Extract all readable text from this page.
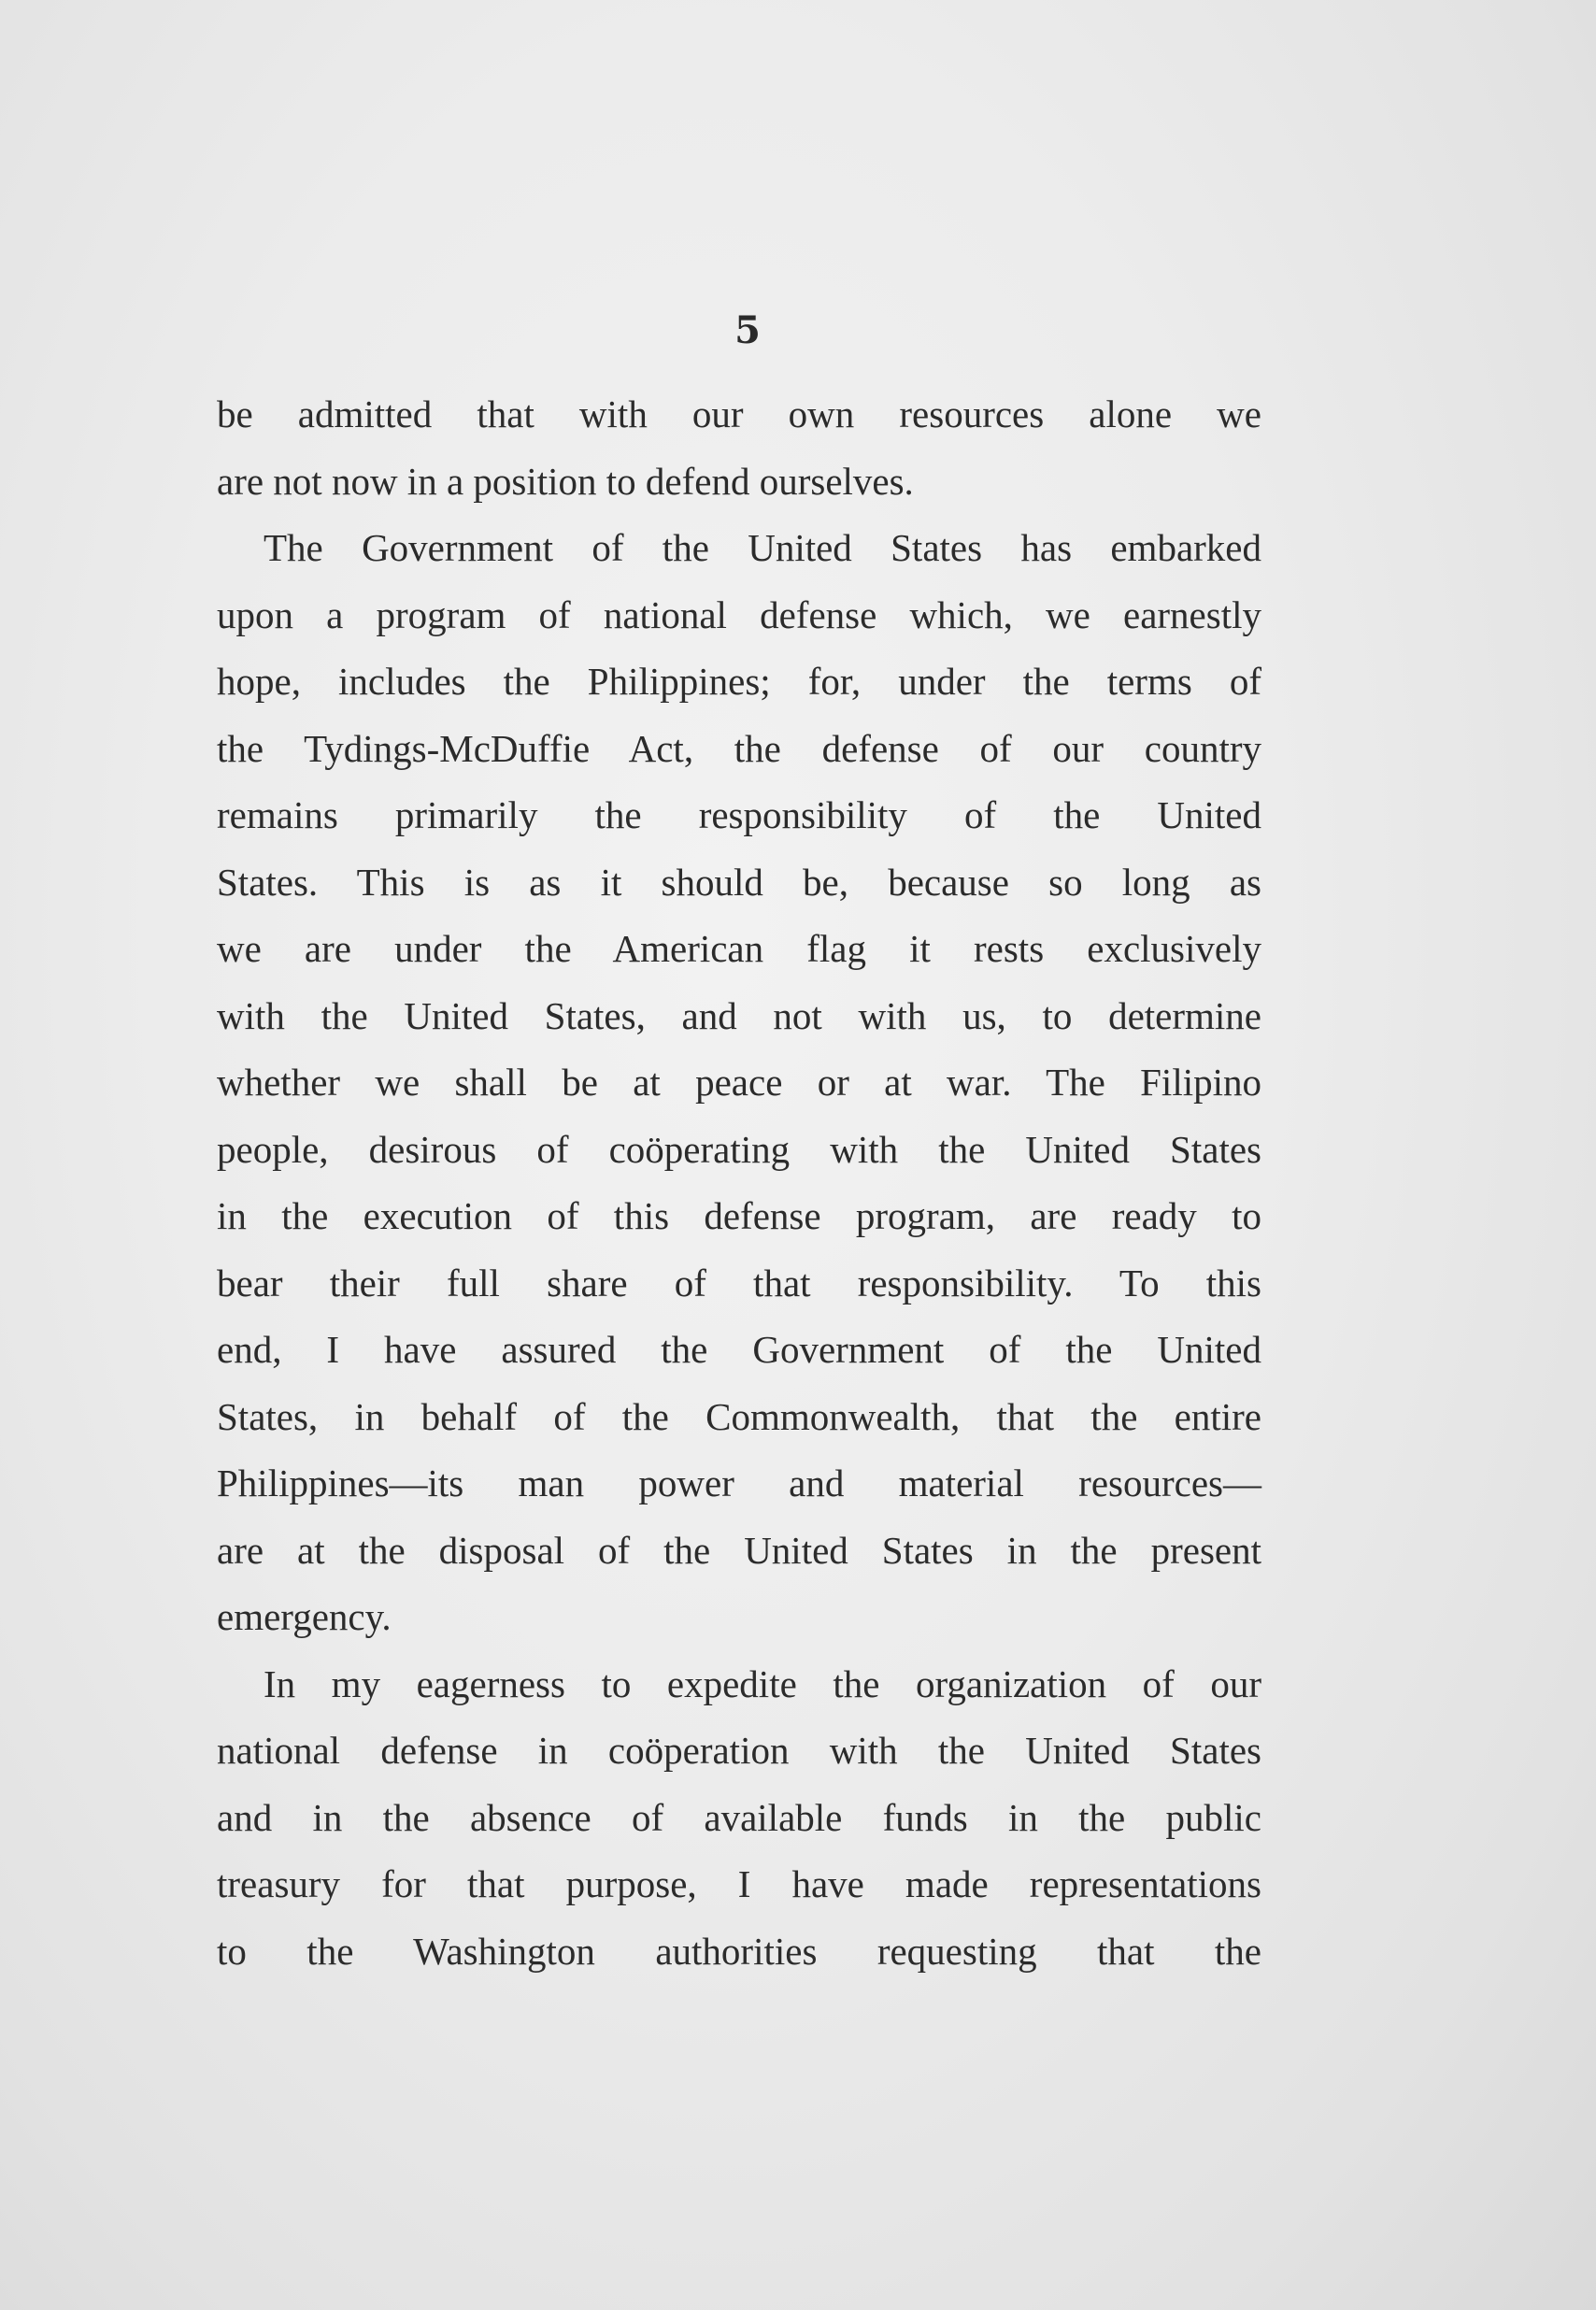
5
be admitted that with our own resources alone we
are not now in a position to defend ourselves.
The Government of the United States has embarked
upon a program of national defense which, we earnestly
hope, includes the Philippines; for, under the terms of
the Tydings-McDuffie Act, the defense of our country
remains primarily the responsibility of the United
States. This is as it should be, because so long as
we are under the American flag it rests exclusively
with the United States, and not with us, to determine
whether we shall be at peace or at war. The Filipino
people, desirous of coöperating with the United States
in the execution of this defense program, are ready to
bear their full share of that responsibility. To this
end, I have assured the Government of the United
States, in behalf of the Commonwealth, that the entire
Philippines—its man power and material resources—
are at the disposal of the United States in the present
emergency.
In my eagerness to expedite the organization of our
national defense in coöperation with the United States
and in the absence of available funds in the public
treasury for that purpose, I have made representations
to the Washington authorities requesting that the
